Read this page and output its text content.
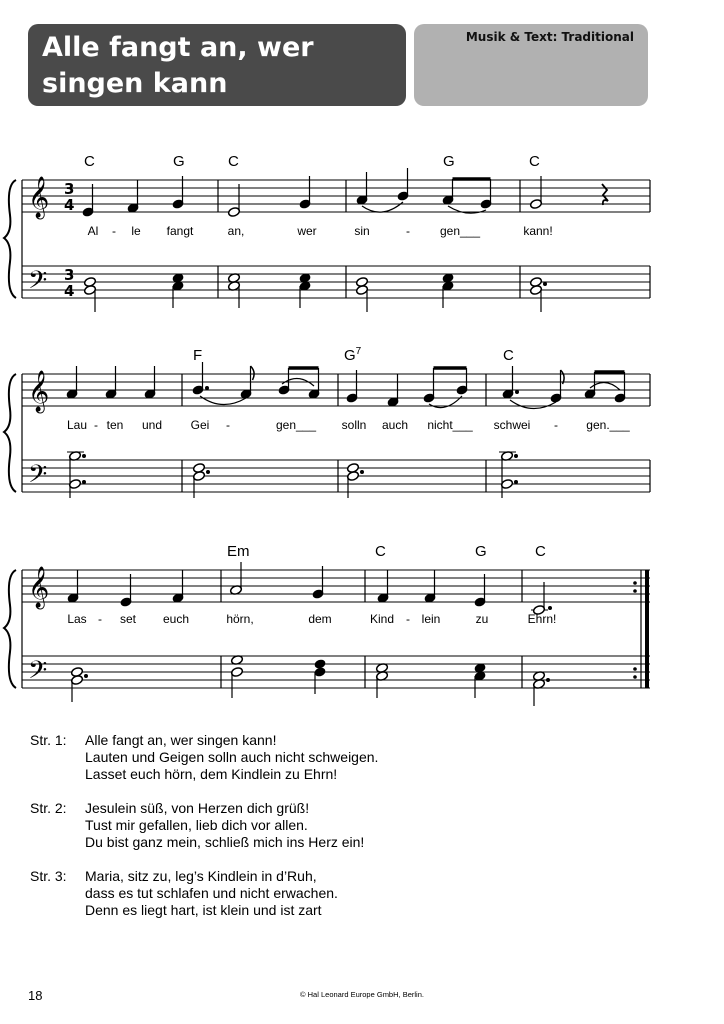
Alle fangt an, wer singen kann
Musik & Text: Traditional
𝄞
𝄢
3
4
3
4
C	G	C	G	C
Al - le fangt	an,	wer	sin	- gen___	kann!
𝄞
𝄢
F	$G^7$	C
Lau - ten und Gei -	gen___ solln auch nicht___ schwei - gen.___
𝄞
𝄢
Em	C	G	C
Las - set euch	hörn,	dem	Kind - lein	zu	Ehrn!
Str. 1:	Alle fangt an, wer singen kann!
Lauten und Geigen solln auch nicht schweigen.
Lasset euch hörn, dem Kindlein zu Ehrn!
Str. 2:	Jesulein süß, von Herzen dich grüß!
Tust mir gefallen, lieb dich vor allen.
Du bist ganz mein, schließ mich ins Herz ein!
Str. 3:	Maria, sitz zu, leg’s Kindlein in d’Ruh,
dass es tut schlafen und nicht erwachen.
Denn es liegt hart, ist klein und ist zart
18	© Hal Leonard Europe GmbH, Berlin.
